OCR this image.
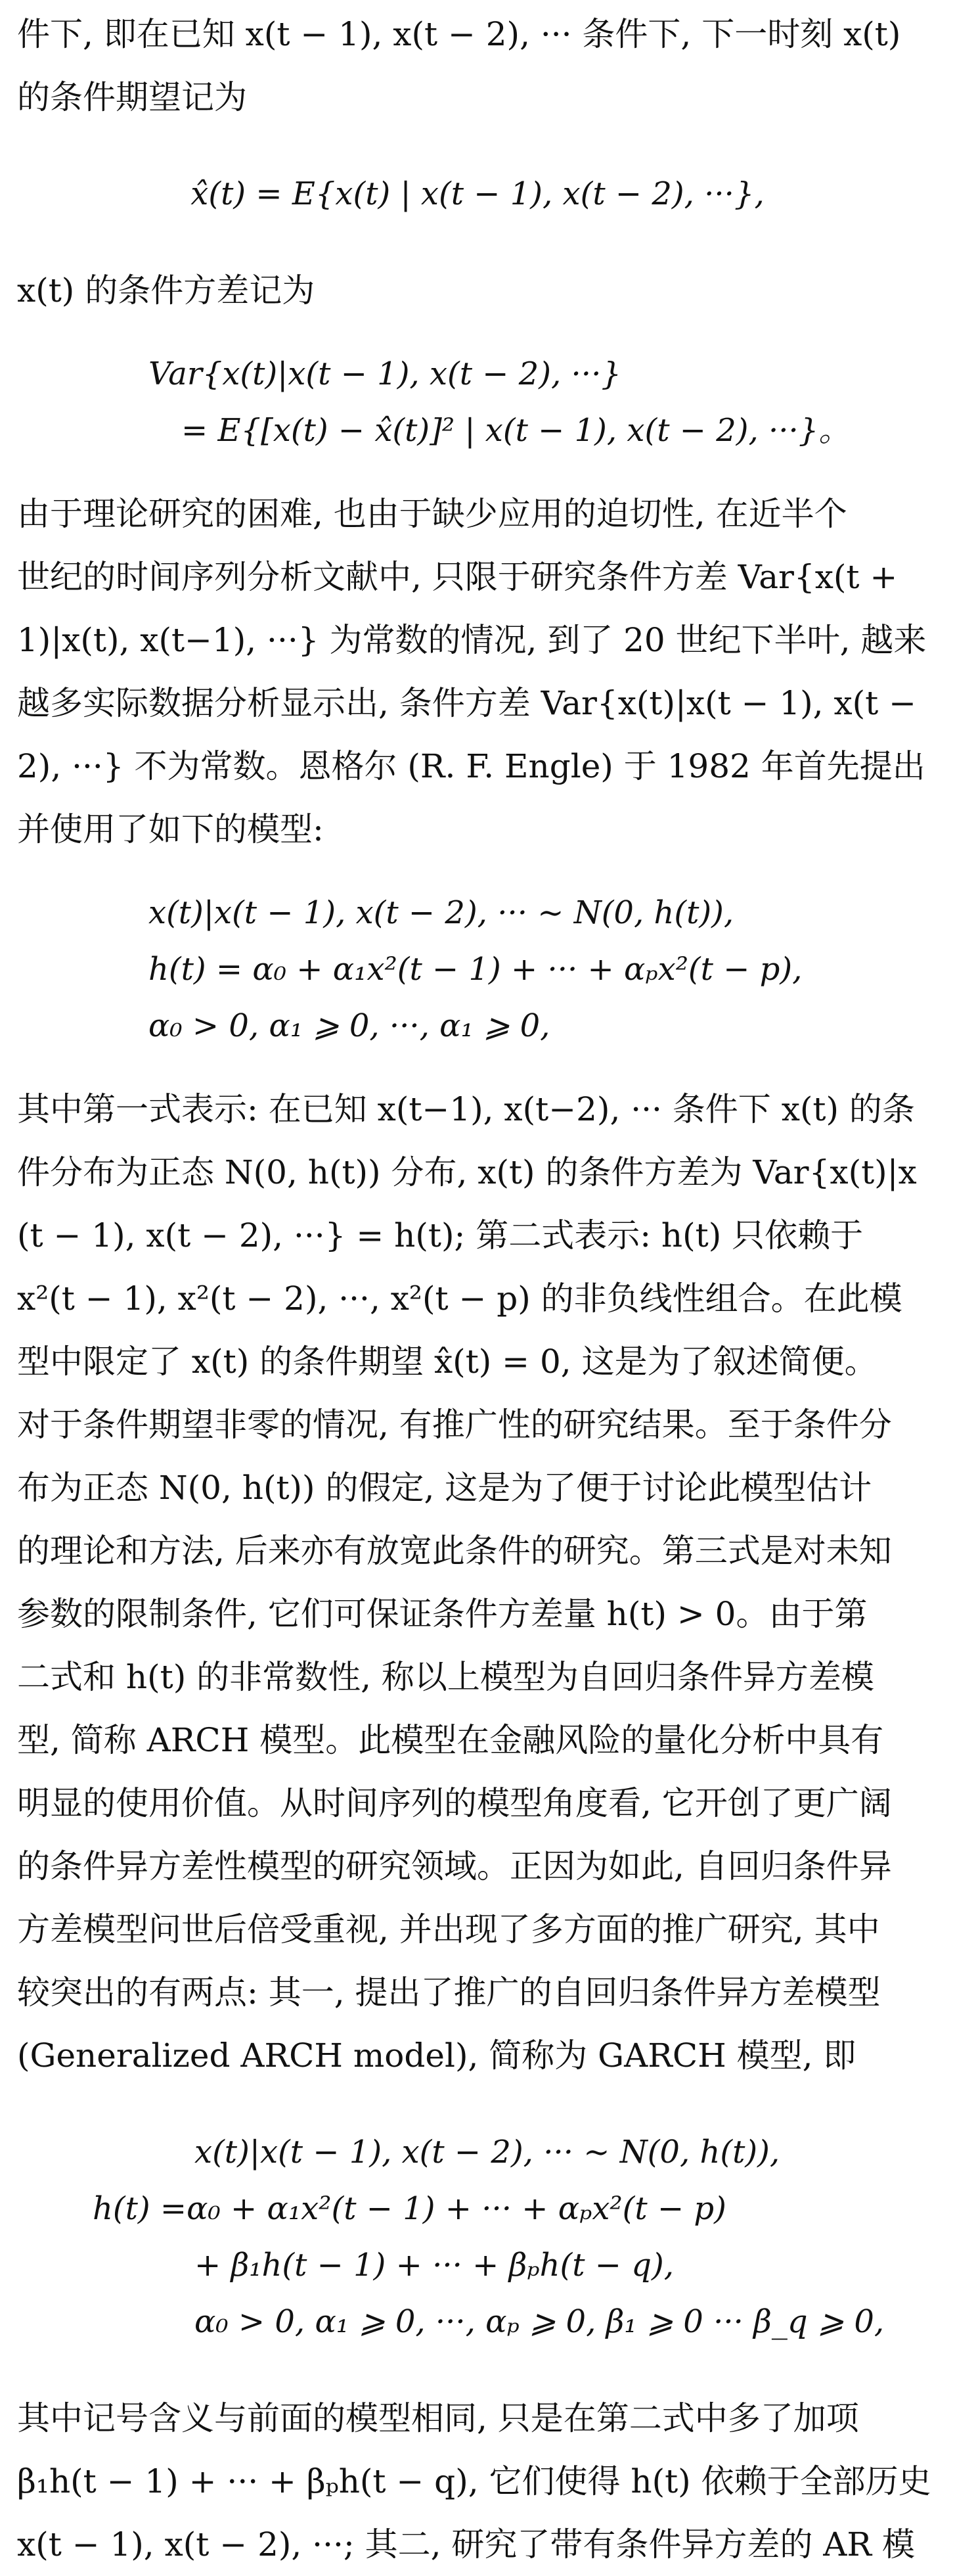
件下, 即在已知 x(t − 1), x(t − 2), ··· 条件下, 下一时刻 x(t)
的条件期望记为
x̂(t) = E{x(t) | x(t − 1), x(t − 2), ···},
x(t) 的条件方差记为
Var{x(t)|x(t − 1), x(t − 2), ···}
= E{[x(t) − x̂(t)]² | x(t − 1), x(t − 2), ···}。
由于理论研究的困难, 也由于缺少应用的迫切性, 在近半个
世纪的时间序列分析文献中, 只限于研究条件方差 Var{x(t +
1)|x(t), x(t−1), ···} 为常数的情况, 到了 20 世纪下半叶, 越来
越多实际数据分析显示出, 条件方差 Var{x(t)|x(t − 1), x(t −
2), ···} 不为常数。恩格尔 (R. F. Engle) 于 1982 年首先提出
并使用了如下的模型:
x(t)|x(t − 1), x(t − 2), ··· ∼ N(0, h(t)),
h(t) = α₀ + α₁x²(t − 1) + ··· + αₚx²(t − p),
α₀ > 0, α₁ ⩾ 0, ···, α₁ ⩾ 0,
其中第一式表示: 在已知 x(t−1), x(t−2), ··· 条件下 x(t) 的条
件分布为正态 N(0, h(t)) 分布, x(t) 的条件方差为 Var{x(t)|x
(t − 1), x(t − 2), ···} = h(t); 第二式表示: h(t) 只依赖于
x²(t − 1), x²(t − 2), ···, x²(t − p) 的非负线性组合。在此模
型中限定了 x(t) 的条件期望 x̂(t) = 0, 这是为了叙述简便。
对于条件期望非零的情况, 有推广性的研究结果。至于条件分
布为正态 N(0, h(t)) 的假定, 这是为了便于讨论此模型估计
的理论和方法, 后来亦有放宽此条件的研究。第三式是对未知
参数的限制条件, 它们可保证条件方差量 h(t) > 0。由于第
二式和 h(t) 的非常数性, 称以上模型为自回归条件异方差模
型, 简称 ARCH 模型。此模型在金融风险的量化分析中具有
明显的使用价值。从时间序列的模型角度看, 它开创了更广阔
的条件异方差性模型的研究领域。正因为如此, 自回归条件异
方差模型问世后倍受重视, 并出现了多方面的推广研究, 其中
较突出的有两点: 其一, 提出了推广的自回归条件异方差模型
(Generalized ARCH model), 简称为 GARCH 模型, 即
x(t)|x(t − 1), x(t − 2), ··· ∼ N(0, h(t)),
h(t) =α₀ + α₁x²(t − 1) + ··· + αₚx²(t − p)
+ β₁h(t − 1) + ··· + βₚh(t − q),
α₀ > 0, α₁ ⩾ 0, ···, αₚ ⩾ 0, β₁ ⩾ 0 ··· β_q ⩾ 0,
其中记号含义与前面的模型相同, 只是在第二式中多了加项
β₁h(t − 1) + ··· + βₚh(t − q), 它们使得 h(t) 依赖于全部历史
x(t − 1), x(t − 2), ···; 其二, 研究了带有条件异方差的 AR 模
